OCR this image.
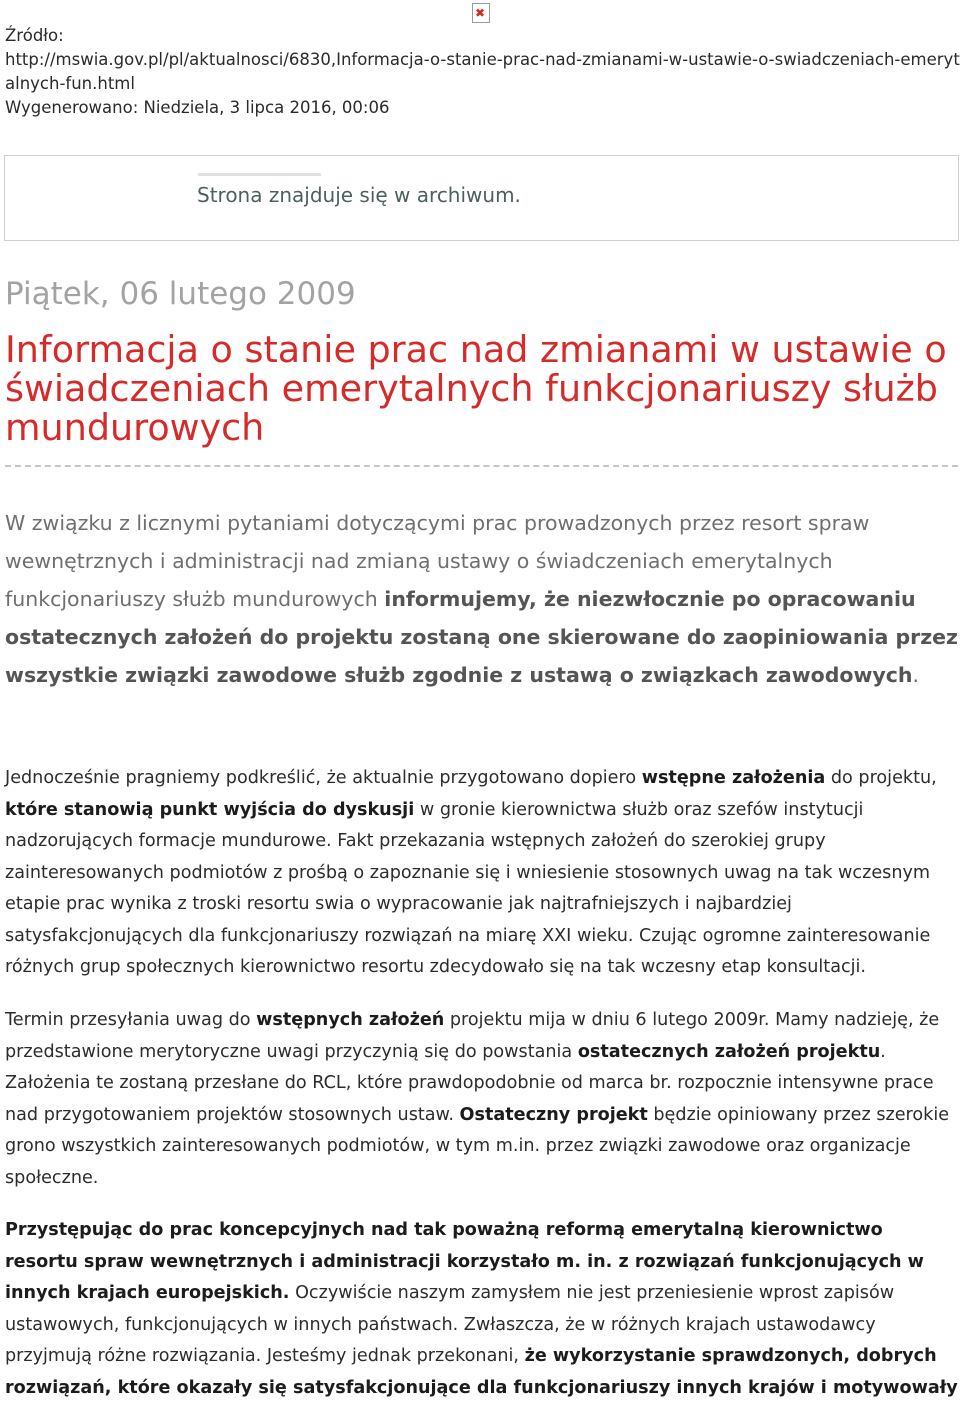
✖
Źródło:
http://mswia.gov.pl/pl/aktualnosci/6830,Informacja-o-stanie-prac-nad-zmianami-w-ustawie-o-swiadczeniach-emerytalnych-fun.html
Wygenerowano: Niedziela, 3 lipca 2016, 00:06
Strona znajduje się w archiwum.
Piątek, 06 lutego 2009
Informacja o stanie prac nad zmianami w ustawie o świadczeniach emerytalnych funkcjonariuszy służb mundurowych

W związku z licznymi pytaniami dotyczącymi prac prowadzonych przez resort spraw wewnętrznych i administracji nad zmianą ustawy o świadczeniach emerytalnych funkcjonariuszy służb mundurowych informujemy, że niezwłocznie po opracowaniu ostatecznych założeń do projektu zostaną one skierowane do zaopiniowania przez wszystkie związki zawodowe służb zgodnie z ustawą o związkach zawodowych.

Jednocześnie pragniemy podkreślić, że aktualnie przygotowano dopiero wstępne założenia do projektu, które stanowią punkt wyjścia do dyskusji w gronie kierownictwa służb oraz szefów instytucji nadzorujących formacje mundurowe. Fakt przekazania wstępnych założeń do szerokiej grupy zainteresowanych podmiotów z prośbą o zapoznanie się i wniesienie stosownych uwag na tak wczesnym etapie prac wynika z troski resortu swia o wypracowanie jak najtrafniejszych i najbardziej satysfakcjonujących dla funkcjonariuszy rozwiązań na miarę XXI wieku. Czując ogromne zainteresowanie różnych grup społecznych kierownictwo resortu zdecydowało się na tak wczesny etap konsultacji.

Termin przesyłania uwag do wstępnych założeń projektu mija w dniu 6 lutego 2009r. Mamy nadzieję, że przedstawione merytoryczne uwagi przyczynią się do powstania ostatecznych założeń projektu. Założenia te zostaną przesłane do RCL, które prawdopodobnie od marca br. rozpocznie intensywne prace nad przygotowaniem projektów stosownych ustaw. Ostateczny projekt będzie opiniowany przez szerokie grono wszystkich zainteresowanych podmiotów, w tym m.in. przez związki zawodowe oraz organizacje społeczne.

Przystępując do prac koncepcyjnych nad tak poważną reformą emerytalną kierownictwo resortu spraw wewnętrznych i administracji korzystało m. in. z rozwiązań funkcjonujących w innych krajach europejskich. Oczywiście naszym zamysłem nie jest przeniesienie wprost zapisów ustawowych, funkcjonujących w innych państwach. Zwłaszcza, że w różnych krajach ustawodawcy przyjmują różne rozwiązania. Jesteśmy jednak przekonani, że wykorzystanie sprawdzonych, dobrych rozwiązań, które okazały się satysfakcjonujące dla funkcjonariuszy innych krajów i motywowały
